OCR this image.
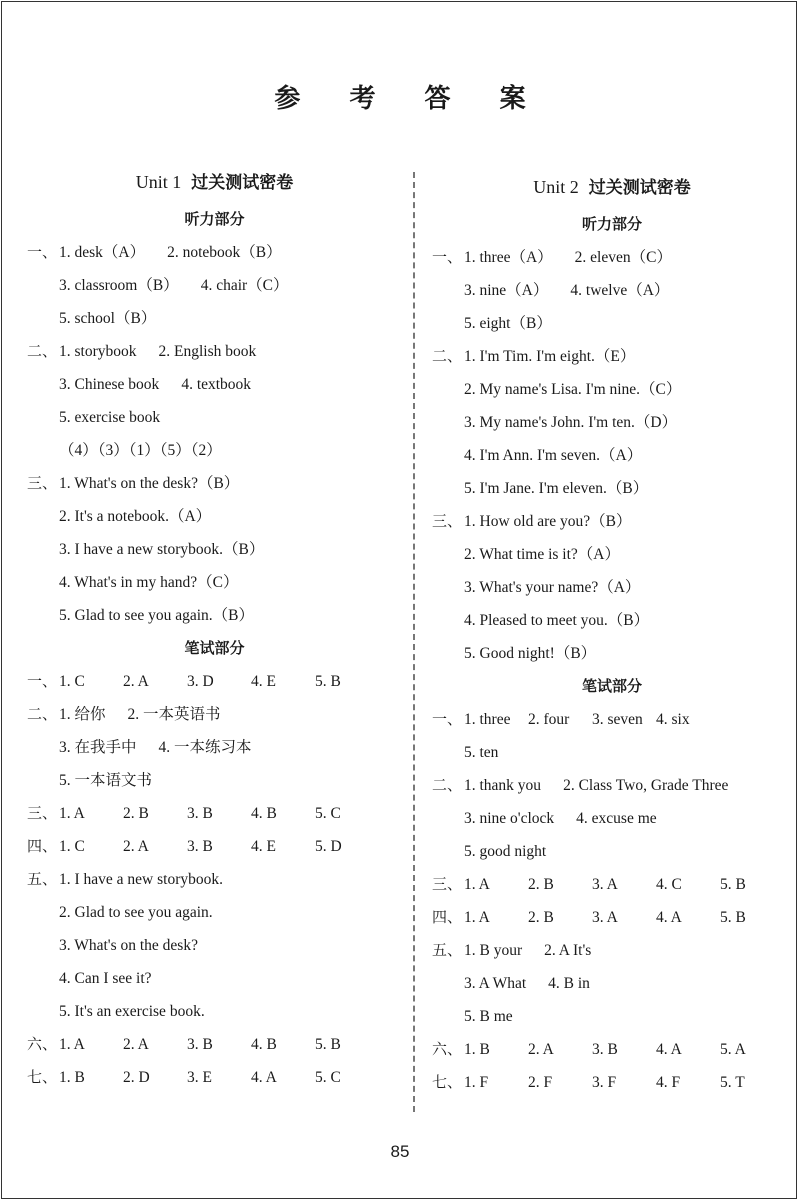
参 考 答 案
Unit 1 过关测试密卷
听力部分
一、 1. desk（A） 2. notebook（B）
3. classroom（B） 4. chair（C）
5. school（B）
二、 1. storybook 2. English book
3. Chinese book 4. textbook
5. exercise book
（4）（3）（1）（5）（2）
三、 1. What's on the desk?（B）
2. It's a notebook.（A）
3. I have a new storybook.（B）
4. What's in my hand?（C）
5. Glad to see you again.（B）
笔试部分
一、 1. C 2. A 3. D 4. E	5. B
二、 1. 给你 2. 一本英语书
3. 在我手中 4. 一本练习本
5. 一本语文书
三、 1. A 2. B 3. B 4. B 5. C
四、 1. C 2. A 3. B 4. E	5. D
五、 1. I have a new storybook.
2. Glad to see you again.
3. What's on the desk?
4. Can I see it?
5. It's an exercise book.
六、 1. A 2. A 3. B 4. B 5. B
七、 1. B 2. D 3. E	4. A 5. C
Unit 2 过关测试密卷
听力部分
一、 1. three（A） 2. eleven（C）
3. nine（A） 4. twelve（A）
5. eight（B）
二、 1. I'm Tim. I'm eight.（E）
2. My name's Lisa. I'm nine.（C）
3. My name's John. I'm ten.（D）
4. I'm Ann. I'm seven.（A）
5. I'm Jane. I'm eleven.（B）
三、 1. How old are you?（B）
2. What time is it?（A）
3. What's your name?（A）
4. Pleased to meet you.（B）
5. Good night!（B）
笔试部分
一、 1. three 2. four 3. seven 4. six
5. ten
二、 1. thank you 2. Class Two, Grade Three
3. nine o'clock 4. excuse me
5. good night
三、 1. A 2. B 3. A 4. C 5. B
四、 1. A 2. B 3. A 4. A 5. B
五、 1. B your 2. A It's
3. A What 4. B in
5. B me
六、 1. B 2. A 3. B 4. A 5. A
七、 1. F	2. F	3. F	4. F	5. T
85
